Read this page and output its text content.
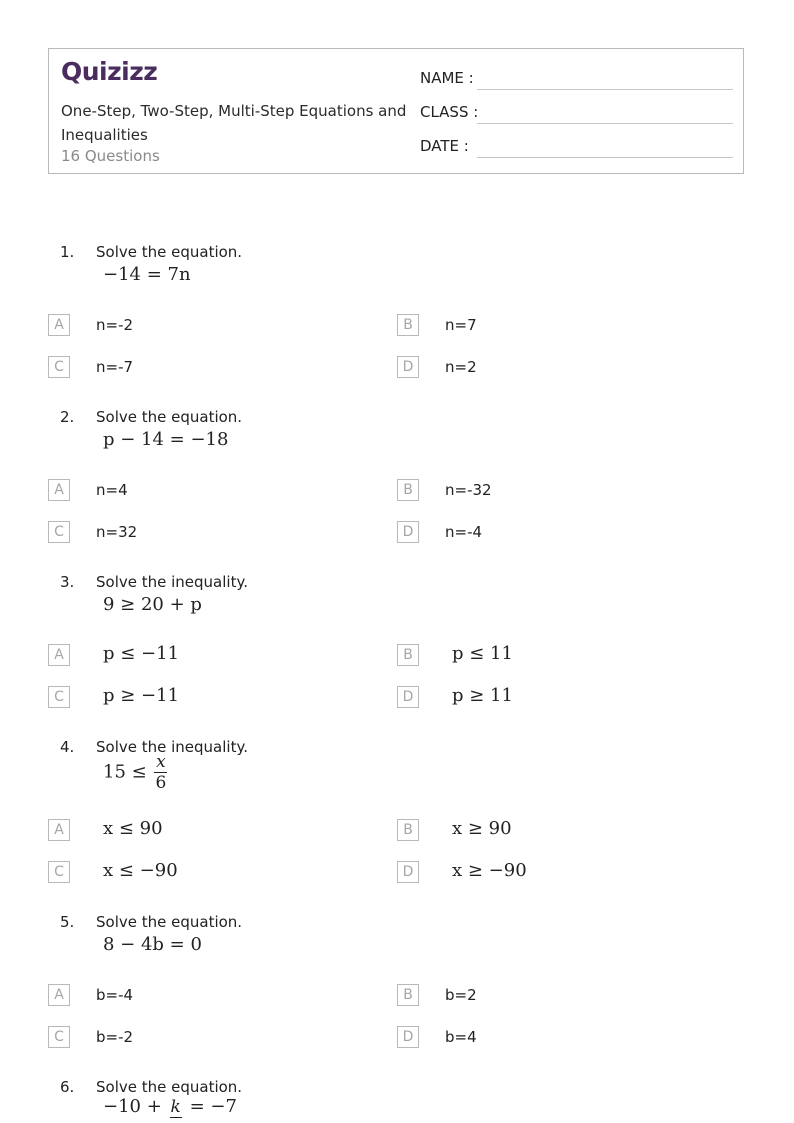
Quizizz
One-Step, Two-Step, Multi-Step Equations and Inequalities
16 Questions
NAME :
CLASS :
DATE :
1. Solve the equation.
−14 = 7n
A	n=-2	B	n=7
C	n=-7	D	n=2
2. Solve the equation.
p − 14 = −18
A	n=4	B	n=-32
C	n=32	D	n=-4
3. Solve the inequality.
9 ≥ 20 + p
A	p ≤ −11	B	p ≤ 11
C	p ≥ −11	D	p ≥ 11
4. Solve the inequality.
$15 \le \frac{x}{6}$
A	x ≤ 90	B	x ≥ 90
C	x ≤ −90	D	x ≥ −90
5. Solve the equation.
8 − 4b = 0
A	b=-4	B	b=2
C	b=-2	D	b=4
6. Solve the equation.
−10 + k = −7
